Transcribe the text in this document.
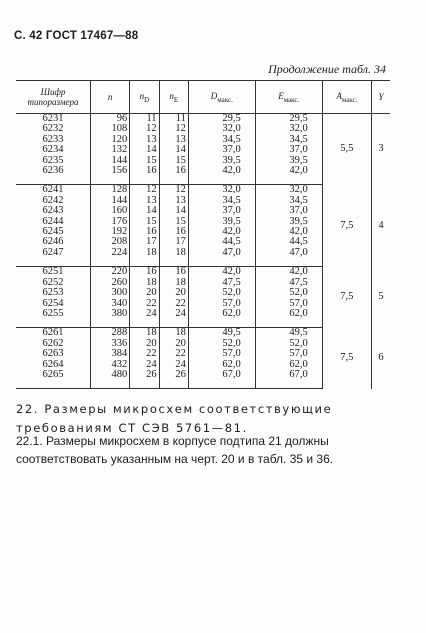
С. 42 ГОСТ 17467—88
Продолжение табл. 34
Шифр типоразмера	n	$n_D$	$n_E$	$D_{макс.}$	$E_{макс.}$	$A_{макс.}$	Y
6231	96	11	11	29,5	29,5	5,5	3
6232	108	12	12	32,0	32,0		
6233	120	13	13	34,5	34,5		
6234	132	14	14	37,0	37,0		
6235	144	15	15	39,5	39,5		
6236	156	16	16	42,0	42,0		

6241	128	12	12	32,0	32,0	7,5	4
6242	144	13	13	34,5	34,5		
6243	160	14	14	37,0	37,0		
6244	176	15	15	39,5	39,5		
6245	192	16	16	42,0	42,0		
6246	208	17	17	44,5	44,5		
6247	224	18	18	47,0	47,0		

6251	220	16	16	42,0	42,0	7,5	5
6252	260	18	18	47,5	47,5		
6253	300	20	20	52,0	52,0		
6254	340	22	22	57,0	57,0		
6255	380	24	24	62,0	62,0		

6261	288	18	18	49,5	49,5	7,5	6
6262	336	20	20	52,0	52,0		
6263	384	22	22	57,0	57,0		
6264	432	24	24	62,0	62,0		
6265	480	26	26	67,0	67,0		

22. Размеры микросхем соответствующие требованиям СТ СЭВ 5761—81.
22.1. Размеры микросхем в корпусе подтипа 21 должны соответствовать указанным на черт. 20 и в табл. 35 и 36.
